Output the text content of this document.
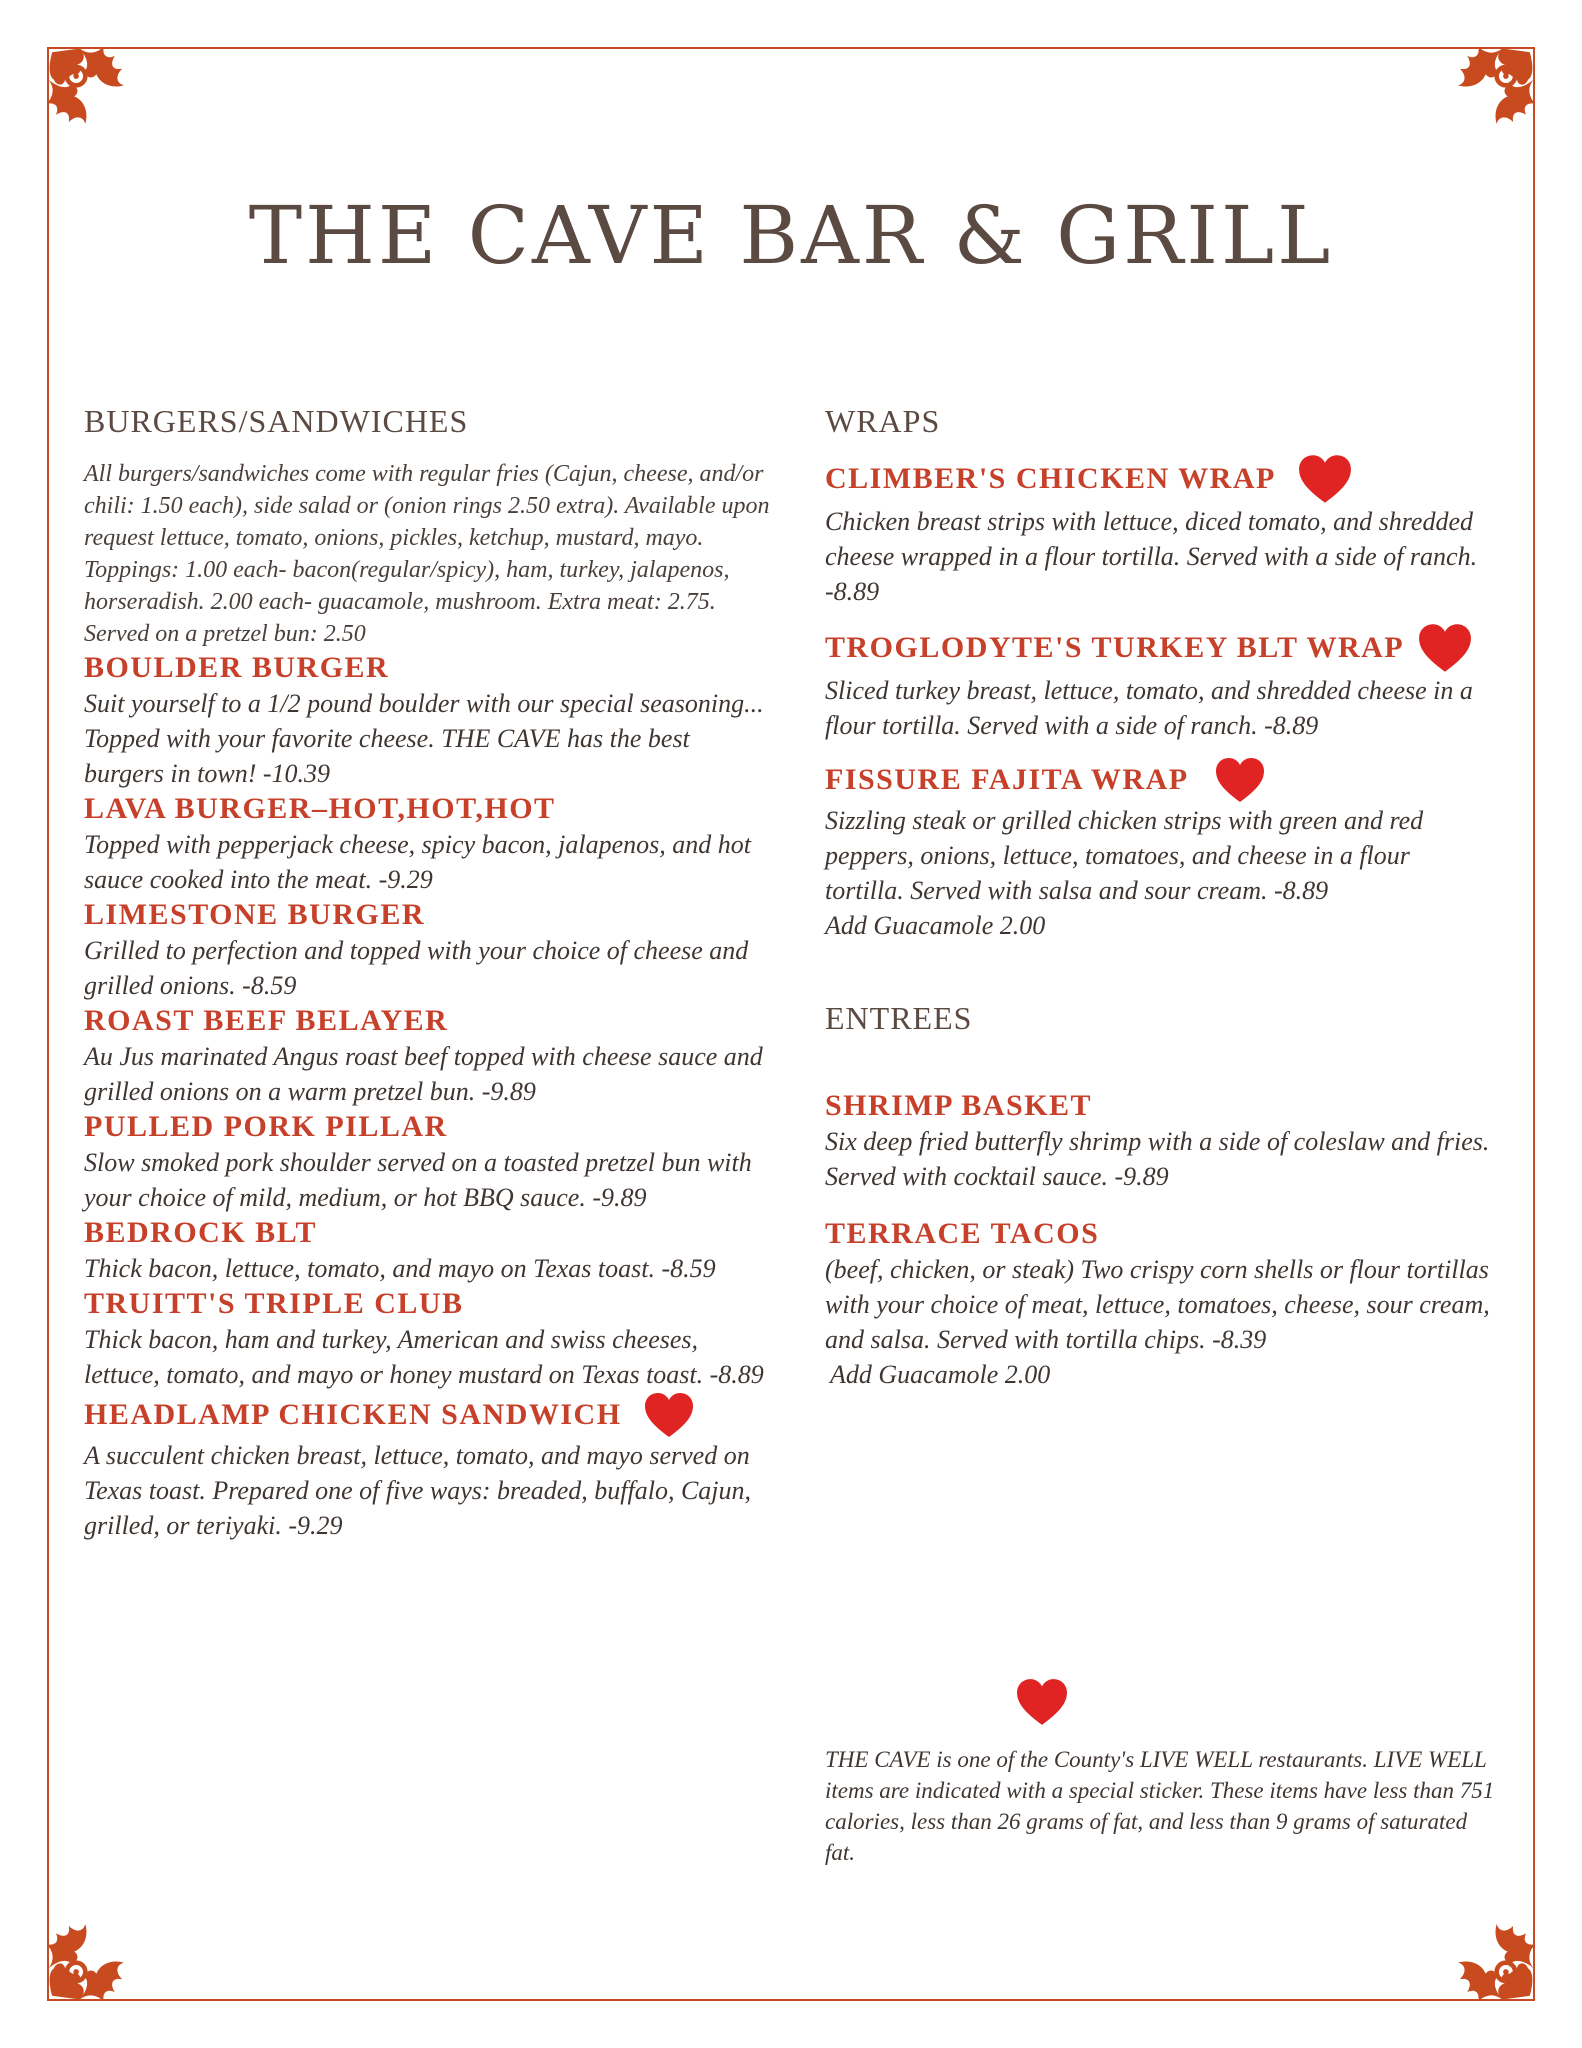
THE CAVE BAR & GRILL
BURGERS/SANDWICHES
All burgers/sandwiches come with regular fries (Cajun, cheese, and/or chili: 1.50 each), side salad or (onion rings 2.50 extra). Available upon request lettuce, tomato, onions, pickles, ketchup, mustard, mayo. Toppings: 1.00 each- bacon(regular/spicy), ham, turkey, jalapenos, horseradish. 2.00 each- guacamole, mushroom. Extra meat: 2.75. Served on a pretzel bun: 2.50
BOULDER BURGER
Suit yourself to a 1/2 pound boulder with our special seasoning... Topped with your favorite cheese. THE CAVE has the best burgers in town! -10.39
LAVA BURGER–HOT,HOT,HOT
Topped with pepperjack cheese, spicy bacon, jalapenos, and hot sauce cooked into the meat. -9.29
LIMESTONE BURGER
Grilled to perfection and topped with your choice of cheese and grilled onions. -8.59
ROAST BEEF BELAYER
Au Jus marinated Angus roast beef topped with cheese sauce and grilled onions on a warm pretzel bun. -9.89
PULLED PORK PILLAR
Slow smoked pork shoulder served on a toasted pretzel bun with your choice of mild, medium, or hot BBQ sauce. -9.89
BEDROCK BLT
Thick bacon, lettuce, tomato, and mayo on Texas toast. -8.59
TRUITT'S TRIPLE CLUB
Thick bacon, ham and turkey, American and swiss cheeses, lettuce, tomato, and mayo or honey mustard on Texas toast. -8.89
HEADLAMP CHICKEN SANDWICH
A succulent chicken breast, lettuce, tomato, and mayo served on Texas toast. Prepared one of five ways: breaded, buffalo, Cajun, grilled, or teriyaki. -9.29
WRAPS
CLIMBER'S CHICKEN WRAP
Chicken breast strips with lettuce, diced tomato, and shredded cheese wrapped in a flour tortilla. Served with a side of ranch. -8.89
TROGLODYTE'S TURKEY BLT WRAP
Sliced turkey breast, lettuce, tomato, and shredded cheese in a flour tortilla. Served with a side of ranch. -8.89
FISSURE FAJITA WRAP
Sizzling steak or grilled chicken strips with green and red peppers, onions, lettuce, tomatoes, and cheese in a flour tortilla. Served with salsa and sour cream. -8.89
Add Guacamole 2.00
ENTREES
SHRIMP BASKET
Six deep fried butterfly shrimp with a side of coleslaw and fries. Served with cocktail sauce. -9.89
TERRACE TACOS
(beef, chicken, or steak) Two crispy corn shells or flour tortillas with your choice of meat, lettuce, tomatoes, cheese, sour cream, and salsa. Served with tortilla chips. -8.39
Add Guacamole 2.00
THE CAVE is one of the County's LIVE WELL restaurants. LIVE WELL items are indicated with a special sticker. These items have less than 751 calories, less than 26 grams of fat, and less than 9 grams of saturated fat.
